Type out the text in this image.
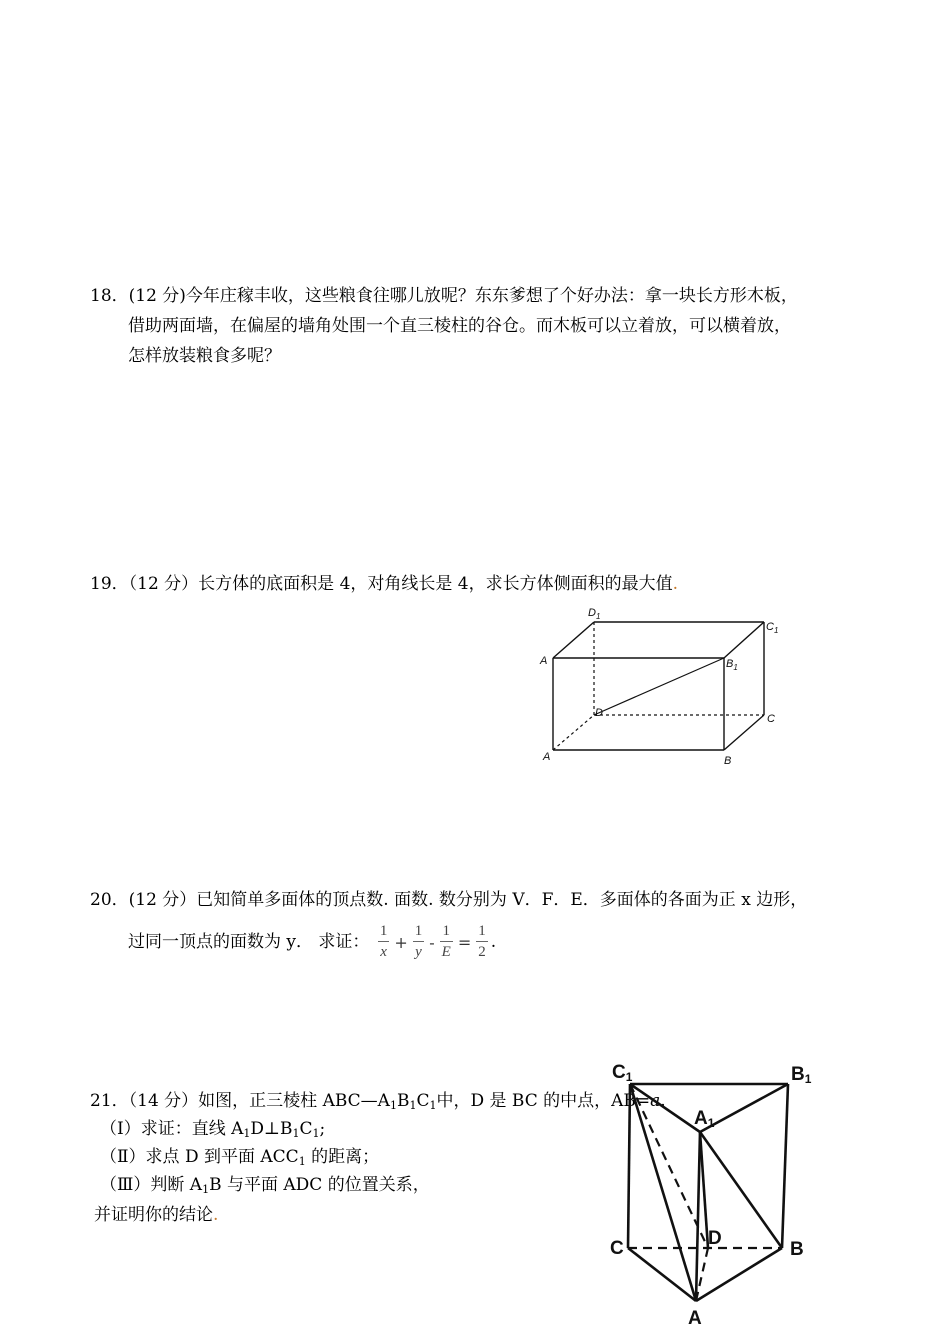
18．(12 分)今年庄稼丰收，这些粮食往哪儿放呢？东东爹想了个好办法：拿一块长方形木板，
借助两面墙，在偏屋的墙角处围一个直三棱柱的谷仓。而木板可以立着放，可以横着放，
怎样放装粮食多呢？
19．（12 分）长方体的底面积是 4，对角线长是 4，求长方体侧面积的最大值.
$D_1$
$C_1$
A	$B_1$
D	C
A	B
20．(12 分）已知简单多面体的顶点数. 面数. 数分别为 V．F．E．多面体的各面为正 x 边形，
过同一顶点的面数为 y． 求证： $\frac{1}{x} + \frac{1}{y} - \frac{1}{E} = \frac{1}{2}$ .
21．（14 分）如图，正三棱柱 $ABC—A_1B_1C_1$中，D 是 BC 的中点，AB=a.
（Ⅰ）求证：直线 $A_1D\perp B_1C_1$;
（Ⅱ）求点 D 到平面 $ACC_1$ 的距离；
（Ⅲ）判断 $A_1B$ 与平面 ADC 的位置关系，
并证明你的结论.
C1	B1
A1
D
C	B
A
